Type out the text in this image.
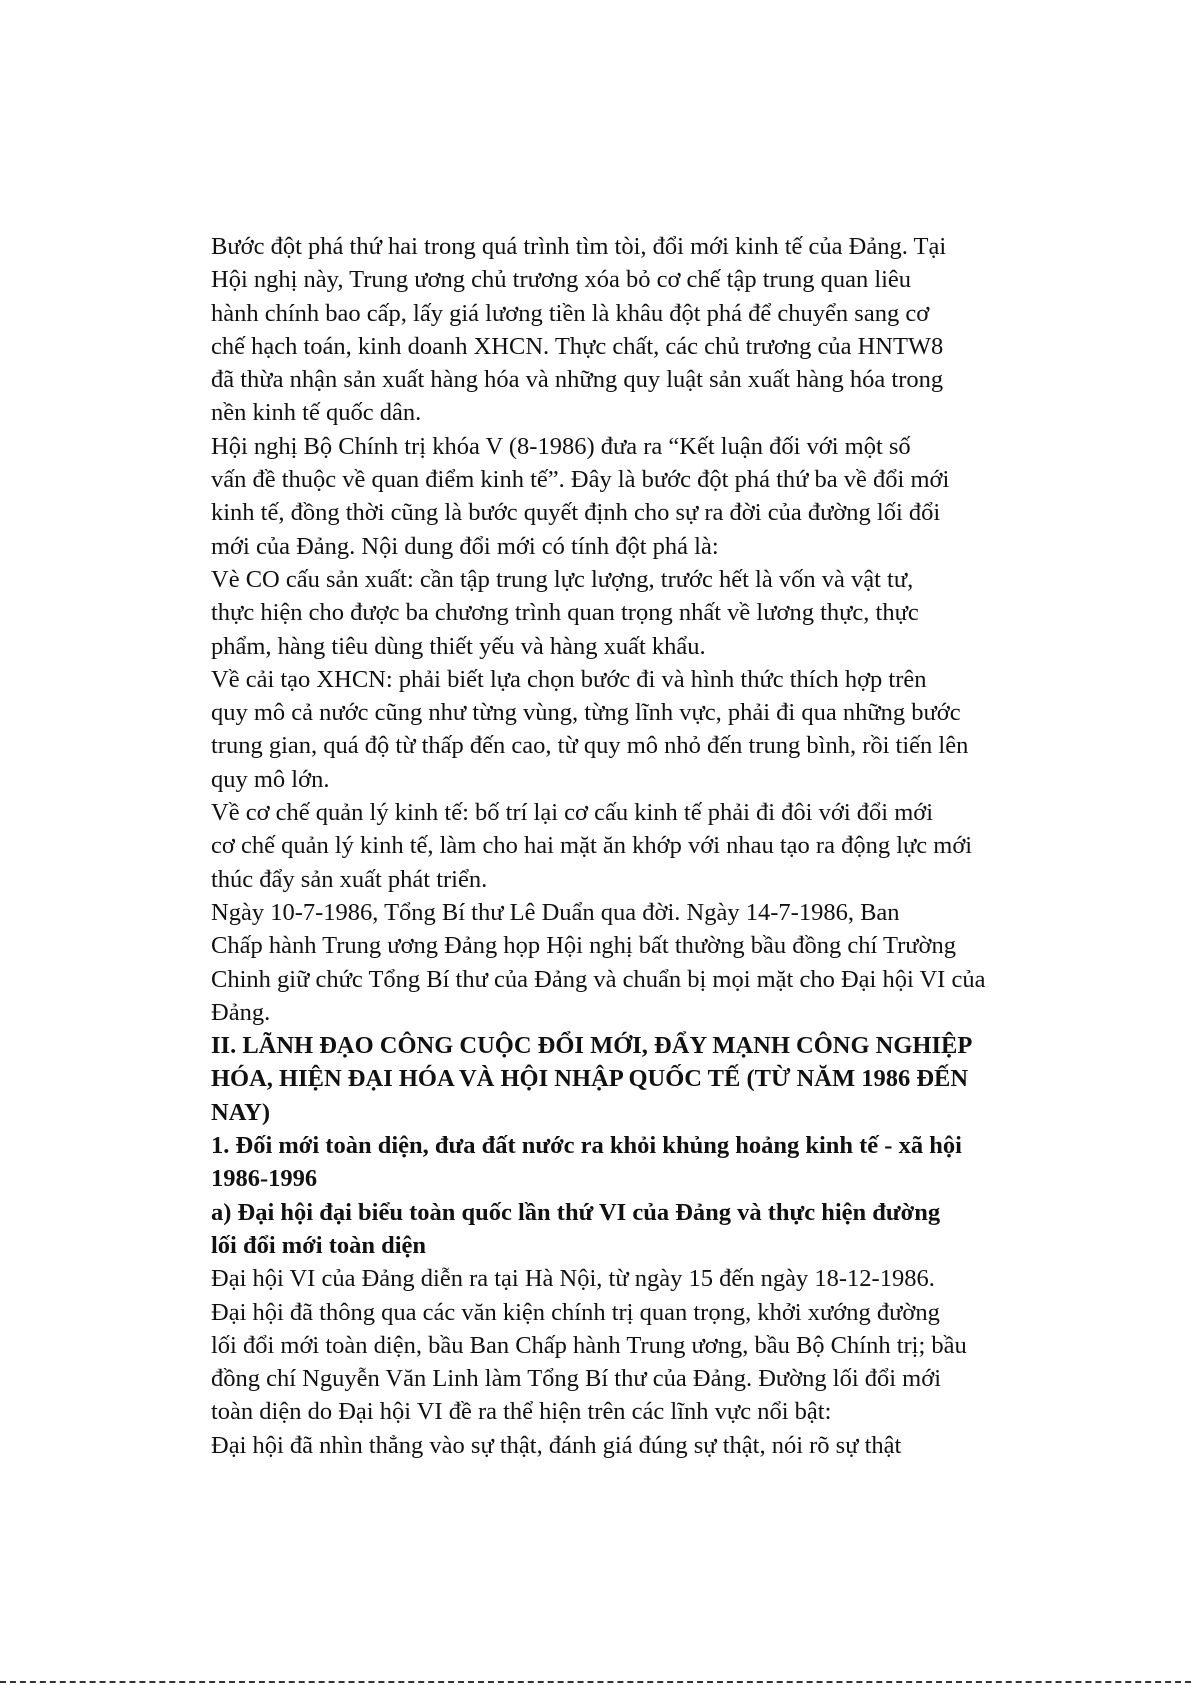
Bước đột phá thứ hai trong quá trình tìm tòi, đổi mới kinh tế của Đảng. Tại
Hội nghị này, Trung ương chủ trương xóa bỏ cơ chế tập trung quan liêu
hành chính bao cấp, lấy giá lương tiền là khâu đột phá để chuyển sang cơ
chế hạch toán, kinh doanh XHCN. Thực chất, các chủ trương của HNTW8
đã thừa nhận sản xuất hàng hóa và những quy luật sản xuất hàng hóa trong
nền kinh tế quốc dân.
Hội nghị Bộ Chính trị khóa V (8-1986) đưa ra “Kết luận đối với một số
vấn đề thuộc về quan điểm kinh tế”. Đây là bước đột phá thứ ba về đổi mới
kinh tế, đồng thời cũng là bước quyết định cho sự ra đời của đường lối đổi
mới của Đảng. Nội dung đổi mới có tính đột phá là:
Vè CO cấu sản xuất: cần tập trung lực lượng, trước hết là vốn và vật tư,
thực hiện cho được ba chương trình quan trọng nhất về lương thực, thực
phẩm, hàng tiêu dùng thiết yếu và hàng xuất khẩu.
Về cải tạo XHCN: phải biết lựa chọn bước đi và hình thức thích hợp trên
quy mô cả nước cũng như từng vùng, từng lĩnh vực, phải đi qua những bước
trung gian, quá độ từ thấp đến cao, từ quy mô nhỏ đến trung bình, rồi tiến lên
quy mô lớn.
Về cơ chế quản lý kinh tế: bố trí lại cơ cấu kinh tế phải đi đôi với đổi mới
cơ chế quản lý kinh tế, làm cho hai mặt ăn khớp với nhau tạo ra động lực mới
thúc đẩy sản xuất phát triển.
Ngày 10-7-1986, Tổng Bí thư Lê Duẩn qua đời. Ngày 14-7-1986, Ban
Chấp hành Trung ương Đảng họp Hội nghị bất thường bầu đồng chí Trường
Chinh giữ chức Tổng Bí thư của Đảng và chuẩn bị mọi mặt cho Đại hội VI của
Đảng.
II. LÃNH ĐẠO CÔNG CUỘC ĐỔI MỚI, ĐẨY MẠNH CÔNG NGHIỆP
HÓA, HIỆN ĐẠI HÓA VÀ HỘI NHẬP QUỐC TẾ (TỪ NĂM 1986 ĐẾN
NAY)
1. Đối mới toàn diện, đưa đất nước ra khỏi khủng hoảng kinh tế - xã hội
1986-1996
a) Đại hội đại biểu toàn quốc lần thứ VI của Đảng và thực hiện đường
lối đổi mới toàn diện
Đại hội VI của Đảng diễn ra tại Hà Nội, từ ngày 15 đến ngày 18-12-1986.
Đại hội đã thông qua các văn kiện chính trị quan trọng, khởi xướng đường
lối đổi mới toàn diện, bầu Ban Chấp hành Trung ương, bầu Bộ Chính trị; bầu
đồng chí Nguyễn Văn Linh làm Tổng Bí thư của Đảng. Đường lối đổi mới
toàn diện do Đại hội VI đề ra thể hiện trên các lĩnh vực nổi bật:
Đại hội đã nhìn thẳng vào sự thật, đánh giá đúng sự thật, nói rõ sự thật
